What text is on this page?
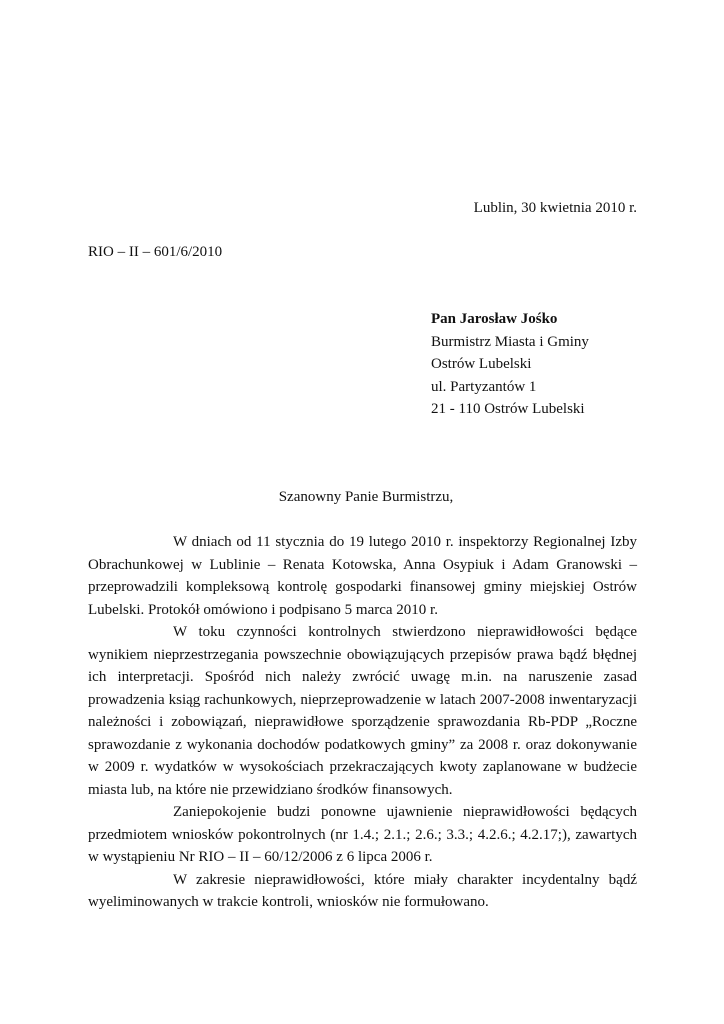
Lublin, 30 kwietnia 2010 r.
RIO – II – 601/6/2010
Pan Jarosław Jośko
Burmistrz Miasta i Gminy
Ostrów Lubelski
ul. Partyzantów 1
21 - 110 Ostrów Lubelski
Szanowny Panie Burmistrzu,

W dniach od 11 stycznia do 19 lutego 2010 r. inspektorzy Regionalnej Izby Obrachunkowej w Lublinie – Renata Kotowska, Anna Osypiuk i Adam Granowski – przeprowadzili kompleksową kontrolę gospodarki finansowej gminy miejskiej Ostrów Lubelski. Protokół omówiono i podpisano 5 marca 2010 r.

W toku czynności kontrolnych stwierdzono nieprawidłowości będące wynikiem nieprzestrzegania powszechnie obowiązujących przepisów prawa bądź błędnej ich interpretacji. Spośród nich należy zwrócić uwagę m.in. na naruszenie zasad prowadzenia ksiąg rachunkowych, nieprzeprowadzenie w latach 2007-2008 inwentaryzacji należności i zobowiązań, nieprawidłowe sporządzenie sprawozdania Rb-PDP „Roczne sprawozdanie z wykonania dochodów podatkowych gminy” za 2008 r. oraz dokonywanie w 2009 r. wydatków w wysokościach przekraczających kwoty zaplanowane w budżecie miasta lub, na które nie przewidziano środków finansowych.

Zaniepokojenie budzi ponowne ujawnienie nieprawidłowości będących przedmiotem wniosków pokontrolnych (nr 1.4.; 2.1.; 2.6.; 3.3.; 4.2.6.; 4.2.17;), zawartych w wystąpieniu Nr RIO – II – 60/12/2006 z 6 lipca 2006 r.

W zakresie nieprawidłowości, które miały charakter incydentalny bądź wyeliminowanych w trakcie kontroli, wniosków nie formułowano.
